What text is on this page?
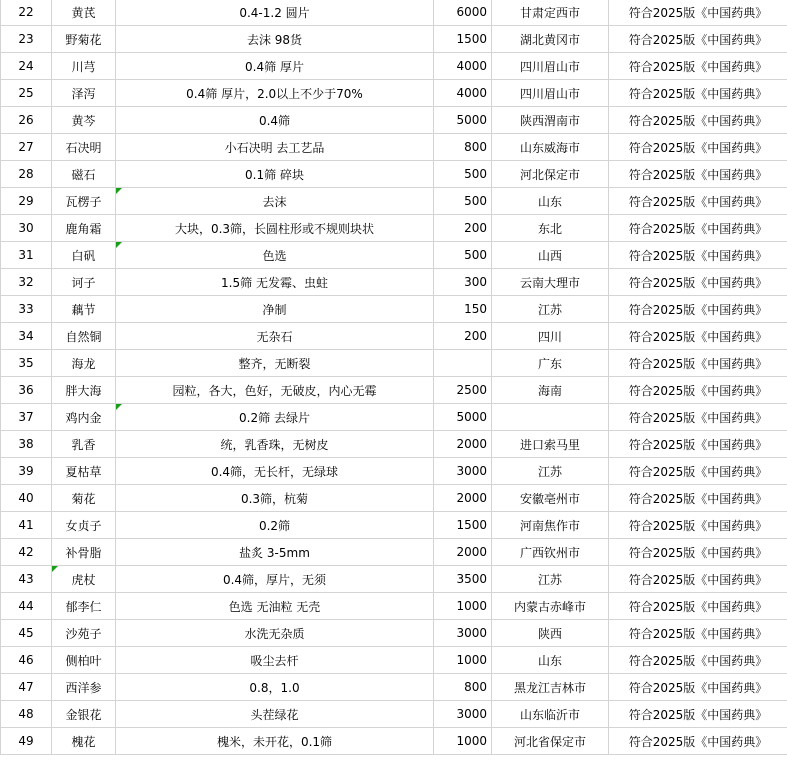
22	黄芪	0.4-1.2 圆片	6000	甘肃定西市	符合2025版《中国药典》
23	野菊花	去沫 98货	1500	湖北黄冈市	符合2025版《中国药典》
24	川芎	0.4筛 厚片	4000	四川眉山市	符合2025版《中国药典》
25	泽泻	0.4筛 厚片，2.0以上不少于70%	4000	四川眉山市	符合2025版《中国药典》
26	黄芩	0.4筛	5000	陕西渭南市	符合2025版《中国药典》
27	石决明	小石决明 去工艺品	800	山东威海市	符合2025版《中国药典》
28	磁石	0.1筛 碎块	500	河北保定市	符合2025版《中国药典》
29	瓦楞子	去沫	500	山东	符合2025版《中国药典》
30	鹿角霜	大块，0.3筛，长圆柱形或不规则块状	200	东北	符合2025版《中国药典》
31	白矾	色选	500	山西	符合2025版《中国药典》
32	诃子	1.5筛 无发霉、虫蛀	300	云南大理市	符合2025版《中国药典》
33	藕节	净制	150	江苏	符合2025版《中国药典》
34	自然铜	无杂石	200	四川	符合2025版《中国药典》
35	海龙	整齐，无断裂		广东	符合2025版《中国药典》
36	胖大海	园粒，各大，色好，无破皮，内心无霉	2500	海南	符合2025版《中国药典》
37	鸡内金	0.2筛 去绿片	5000		符合2025版《中国药典》
38	乳香	统，乳香珠，无树皮	2000	进口索马里	符合2025版《中国药典》
39	夏枯草	0.4筛，无长杆，无绿球	3000	江苏	符合2025版《中国药典》
40	菊花	0.3筛，杭菊	2000	安徽亳州市	符合2025版《中国药典》
41	女贞子	0.2筛	1500	河南焦作市	符合2025版《中国药典》
42	补骨脂	盐炙 3-5mm	2000	广西钦州市	符合2025版《中国药典》
43	虎杖	0.4筛，厚片，无须	3500	江苏	符合2025版《中国药典》
44	郁李仁	色选 无油粒 无壳	1000	内蒙古赤峰市	符合2025版《中国药典》
45	沙苑子	水洗无杂质	3000	陕西	符合2025版《中国药典》
46	侧柏叶	吸尘去杆	1000	山东	符合2025版《中国药典》
47	西洋参	0.8，1.0	800	黑龙江吉林市	符合2025版《中国药典》
48	金银花	头茬绿花	3000	山东临沂市	符合2025版《中国药典》
49	槐花	槐米，未开花，0.1筛	1000	河北省保定市	符合2025版《中国药典》
